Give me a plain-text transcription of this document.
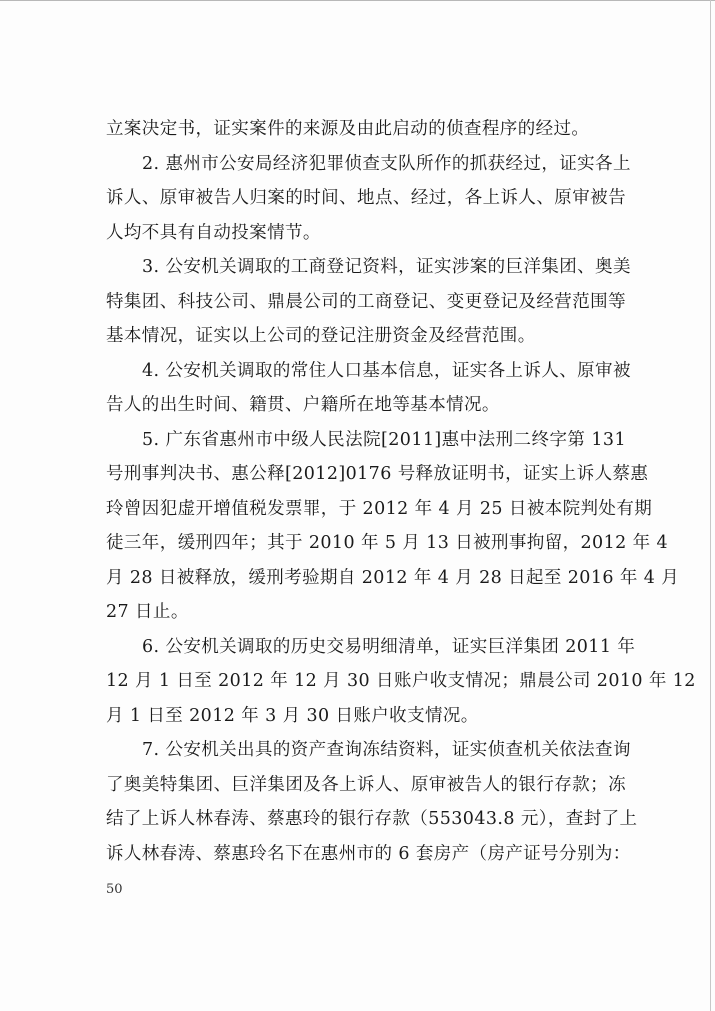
立案决定书，证实案件的来源及由此启动的侦查程序的经过。
2. 惠州市公安局经济犯罪侦查支队所作的抓获经过，证实各上
诉人、原审被告人归案的时间、地点、经过，各上诉人、原审被告
人均不具有自动投案情节。
3. 公安机关调取的工商登记资料，证实涉案的巨洋集团、奥美
特集团、科技公司、鼎晨公司的工商登记、变更登记及经营范围等
基本情况，证实以上公司的登记注册资金及经营范围。
4. 公安机关调取的常住人口基本信息，证实各上诉人、原审被
告人的出生时间、籍贯、户籍所在地等基本情况。
5. 广东省惠州市中级人民法院[2011]惠中法刑二终字第 131
号刑事判决书、惠公释[2012]0176 号释放证明书，证实上诉人蔡惠
玲曾因犯虚开增值税发票罪，于 2012 年 4 月 25 日被本院判处有期
徒三年，缓刑四年；其于 2010 年 5 月 13 日被刑事拘留，2012 年 4
月 28 日被释放，缓刑考验期自 2012 年 4 月 28 日起至 2016 年 4 月
27 日止。
6. 公安机关调取的历史交易明细清单，证实巨洋集团 2011 年
12 月 1 日至 2012 年 12 月 30 日账户收支情况；鼎晨公司 2010 年 12
月 1 日至 2012 年 3 月 30 日账户收支情况。
7. 公安机关出具的资产查询冻结资料，证实侦查机关依法查询
了奥美特集团、巨洋集团及各上诉人、原审被告人的银行存款；冻
结了上诉人林春涛、蔡惠玲的银行存款（553043.8 元），查封了上
诉人林春涛、蔡惠玲名下在惠州市的 6 套房产（房产证号分别为：
50
